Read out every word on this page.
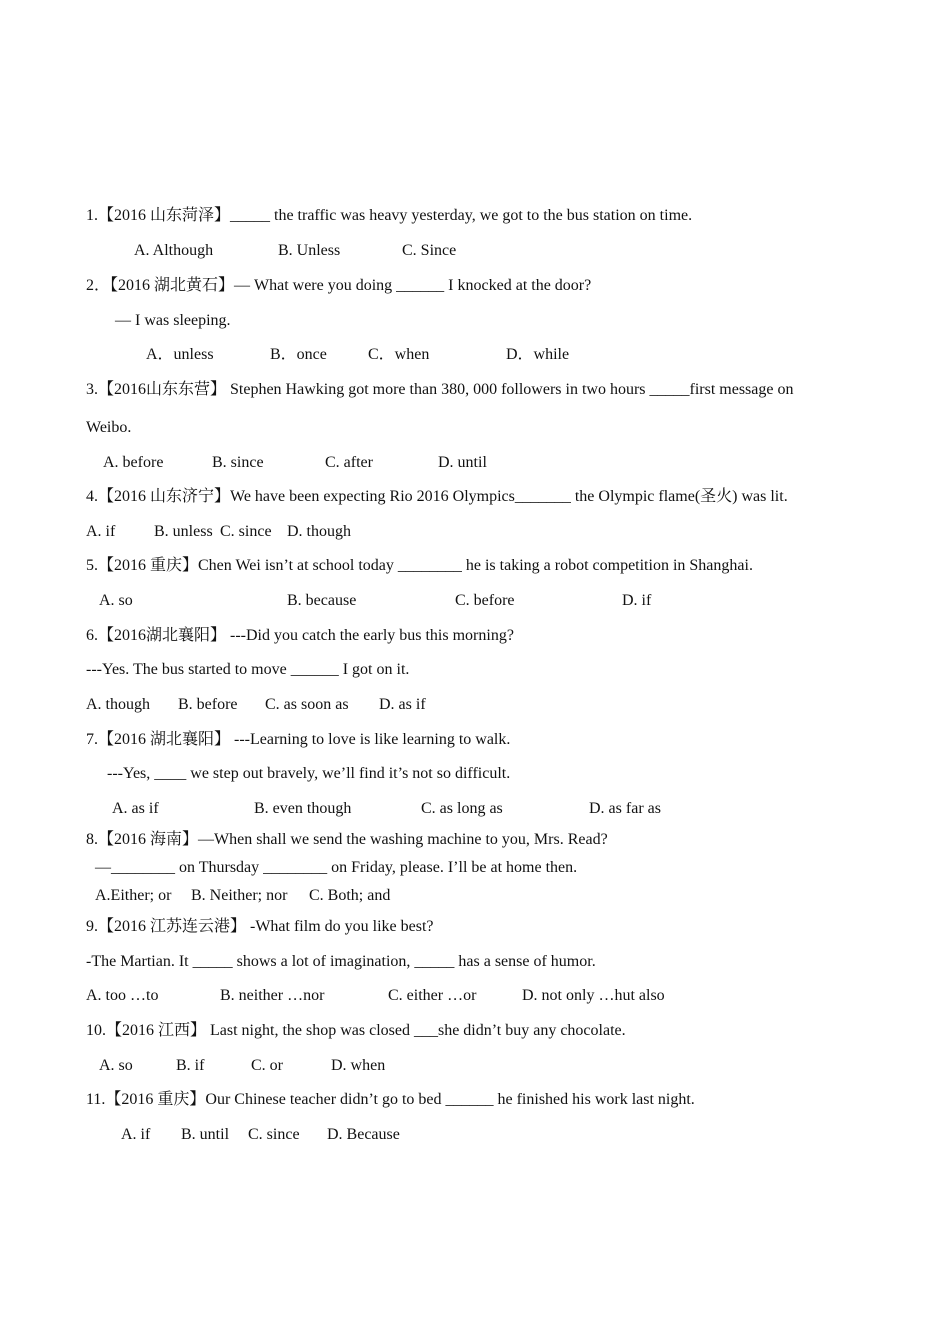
1.【2016 山东菏泽】_____ the traffic was heavy yesterday, we got to the bus station on time.
A. Although	B. Unless	C. Since
2．【2016 湖北黄石】— What were you doing ______ I knocked at the door?
— I was sleeping.
A．unless	B．once	C．when	D．while
3.【2016山东东营】 Stephen Hawking got more than 380, 000 followers in two hours _____first message on
Weibo.
A. before	B. since	C. after	D. until
4.【2016 山东济宁】We have been expecting Rio 2016 Olympics_______ the Olympic flame(圣火) was lit.
A. if B. unless C. since D. though
5.【2016 重庆】Chen Wei isn’t at school today ________ he is taking a robot competition in Shanghai.
A. so	B. because	C. before	D. if
6.【2016湖北襄阳】 ---Did you catch the early bus this morning?
---Yes. The bus started to move ______ I got on it.
A. though B. before C. as soon as D. as if
7.【2016 湖北襄阳】 ---Learning to love is like learning to walk.
---Yes, ____ we step out bravely, we’ll find it’s not so difficult.
A. as if	B. even though	C. as long as	D. as far as
8.【2016 海南】—When shall we send the washing machine to you, Mrs. Read?
—________ on Thursday ________ on Friday, please. I’ll be at home then.
A.Either; or B. Neither; nor C. Both; and
9.【2016 江苏连云港】 -What film do you like best?
-The Martian. It _____ shows a lot of imagination, _____ has a sense of humor.
A. too …to	B. neither …nor	C. either …or	D. not only …hut also
10.【2016 江西】 Last night, the shop was closed ___she didn’t buy any chocolate.
A. so	B. if	C. or	D. when
11.【2016 重庆】Our Chinese teacher didn’t go to bed ______ he finished his work last night.
A. if B. until C. since D. Because
